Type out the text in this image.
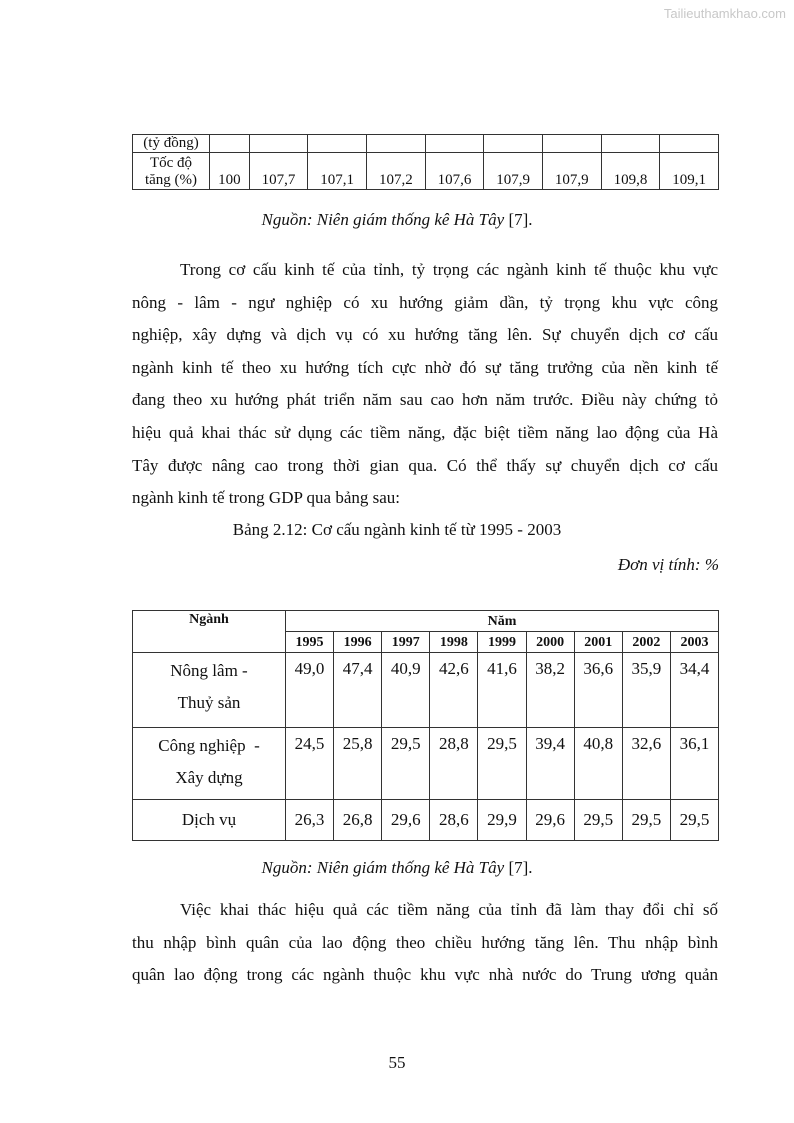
Tailieuthamkhao.com
(tỷ đồng)									
Tốc độ
tăng (%)	100	107,7	107,1	107,2	107,6	107,9	107,9	109,8	109,1
Nguồn: Niên giám thống kê Hà Tây [7].
Trong cơ cấu kinh tế của tỉnh, tỷ trọng các ngành kinh tế thuộc khu vực
nông - lâm - ngư nghiệp có xu hướng giảm dần, tỷ trọng khu vực công
nghiệp, xây dựng và dịch vụ có xu hướng tăng lên. Sự chuyển dịch cơ cấu
ngành kinh tế theo xu hướng tích cực nhờ đó sự tăng trưởng của nền kinh tế
đang theo xu hướng phát triển năm sau cao hơn năm trước. Điều này chứng tỏ
hiệu quả khai thác sử dụng các tiềm năng, đặc biệt tiềm năng lao động của Hà
Tây được nâng cao trong thời gian qua. Có thể thấy sự chuyển dịch cơ cấu
ngành kinh tế trong GDP qua bảng sau:
Bảng 2.12: Cơ cấu ngành kinh tế từ 1995 - 2003
Đơn vị tính: %
Ngành	Năm								
	1995	1996	1997	1998	1999	2000	2001	2002	2003
Nông lâm -
Thuỷ sản	49,0	47,4	40,9	42,6	41,6	38,2	36,6	35,9	34,4
Công nghiệp  -
Xây dựng	24,5	25,8	29,5	28,8	29,5	39,4	40,8	32,6	36,1
Dịch vụ	26,3	26,8	29,6	28,6	29,9	29,6	29,5	29,5	29,5
Nguồn: Niên giám thống kê Hà Tây [7].
Việc khai thác hiệu quả các tiềm năng của tỉnh đã làm thay đổi chỉ số
thu nhập bình quân của lao động theo chiều hướng tăng lên. Thu nhập bình
quân lao động trong các ngành thuộc khu vực nhà nước do Trung ương quản
55
